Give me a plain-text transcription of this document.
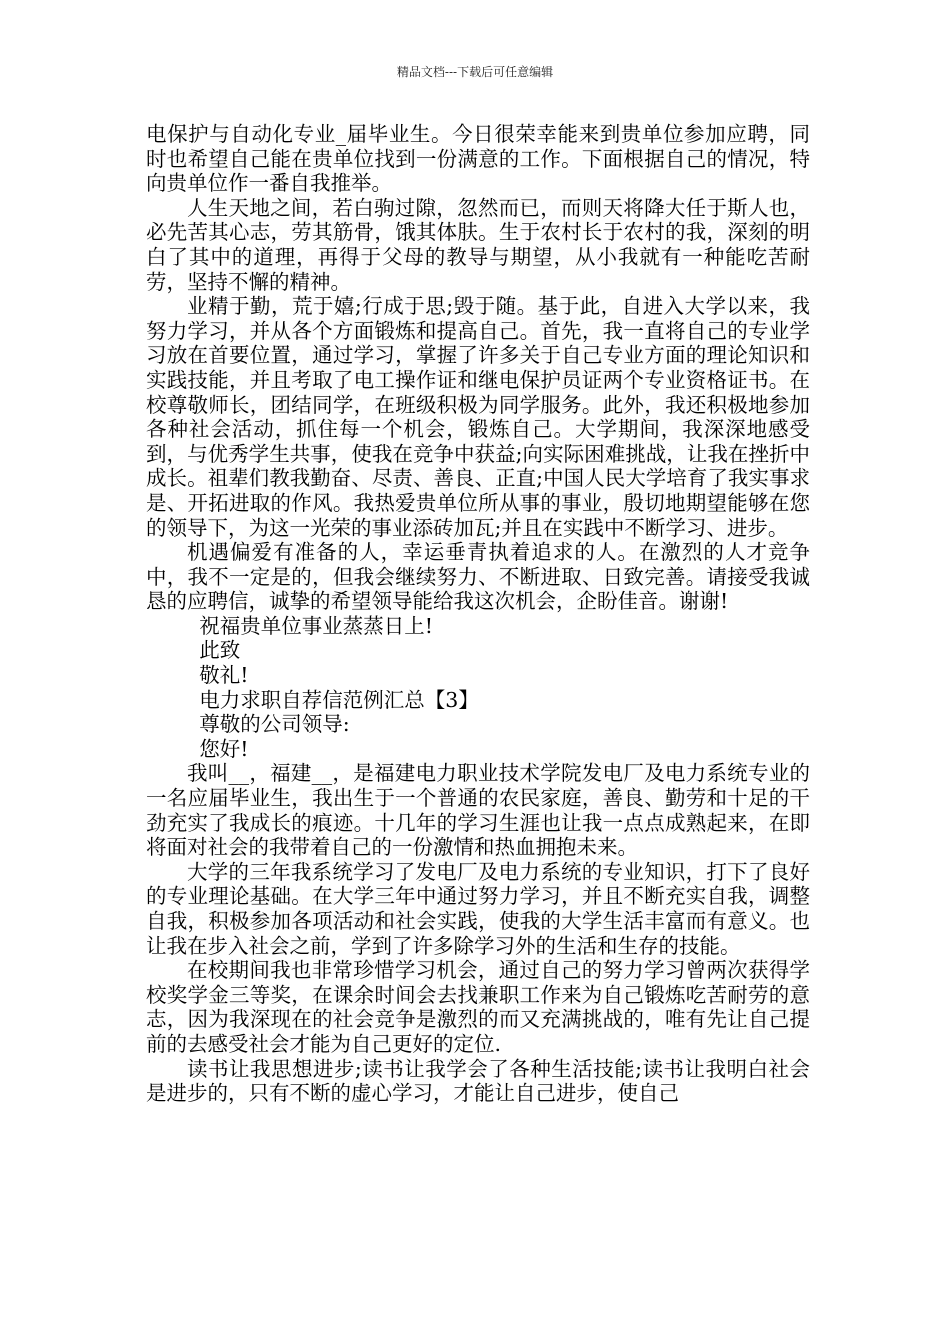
精品文档---下载后可任意编辑

电保护与自动化专业_届毕业生。今日很荣幸能来到贵单位参加应聘，同时也希望自己能在贵单位找到一份满意的工作。下面根据自己的情况，特向贵单位作一番自我推举。

人生天地之间，若白驹过隙，忽然而已，而则天将降大任于斯人也，必先苦其心志，劳其筋骨，饿其体肤。生于农村长于农村的我，深刻的明白了其中的道理，再得于父母的教导与期望，从小我就有一种能吃苦耐劳，坚持不懈的精神。

业精于勤，荒于嬉;行成于思;毁于随。基于此，自进入大学以来，我努力学习，并从各个方面锻炼和提高自己。首先，我一直将自己的专业学习放在首要位置，通过学习，掌握了许多关于自己专业方面的理论知识和实践技能，并且考取了电工操作证和继电保护员证两个专业资格证书。在校尊敬师长，团结同学，在班级积极为同学服务。此外，我还积极地参加各种社会活动，抓住每一个机会，锻炼自己。大学期间，我深深地感受到，与优秀学生共事，使我在竞争中获益;向实际困难挑战，让我在挫折中成长。祖辈们教我勤奋、尽责、善良、正直;中国人民大学培育了我实事求是、开拓进取的作风。我热爱贵单位所从事的事业，殷切地期望能够在您的领导下，为这一光荣的事业添砖加瓦;并且在实践中不断学习、进步。

机遇偏爱有准备的人，幸运垂青执着追求的人。在激烈的人才竞争中，我不一定是的，但我会继续努力、不断进取、日致完善。请接受我诚恳的应聘信，诚挚的希望领导能给我这次机会，企盼佳音。谢谢!

祝福贵单位事业蒸蒸日上!

此致

敬礼!

电力求职自荐信范例汇总【3】

尊敬的公司领导:

您好!

我叫__，福建__，是福建电力职业技术学院发电厂及电力系统专业的一名应届毕业生，我出生于一个普通的农民家庭，善良、勤劳和十足的干劲充实了我成长的痕迹。十几年的学习生涯也让我一点点成熟起来，在即将面对社会的我带着自己的一份激情和热血拥抱未来。

大学的三年我系统学习了发电厂及电力系统的专业知识，打下了良好的专业理论基础。在大学三年中通过努力学习，并且不断充实自我，调整自我，积极参加各项活动和社会实践，使我的大学生活丰富而有意义。也让我在步入社会之前，学到了许多除学习外的生活和生存的技能。

在校期间我也非常珍惜学习机会，通过自己的努力学习曾两次获得学校奖学金三等奖，在课余时间会去找兼职工作来为自己锻炼吃苦耐劳的意志，因为我深现在的社会竞争是激烈的而又充满挑战的，唯有先让自己提前的去感受社会才能为自己更好的定位.

读书让我思想进步;读书让我学会了各种生活技能;读书让我明白社会是进步的，只有不断的虚心学习，才能让自己进步，使自己
